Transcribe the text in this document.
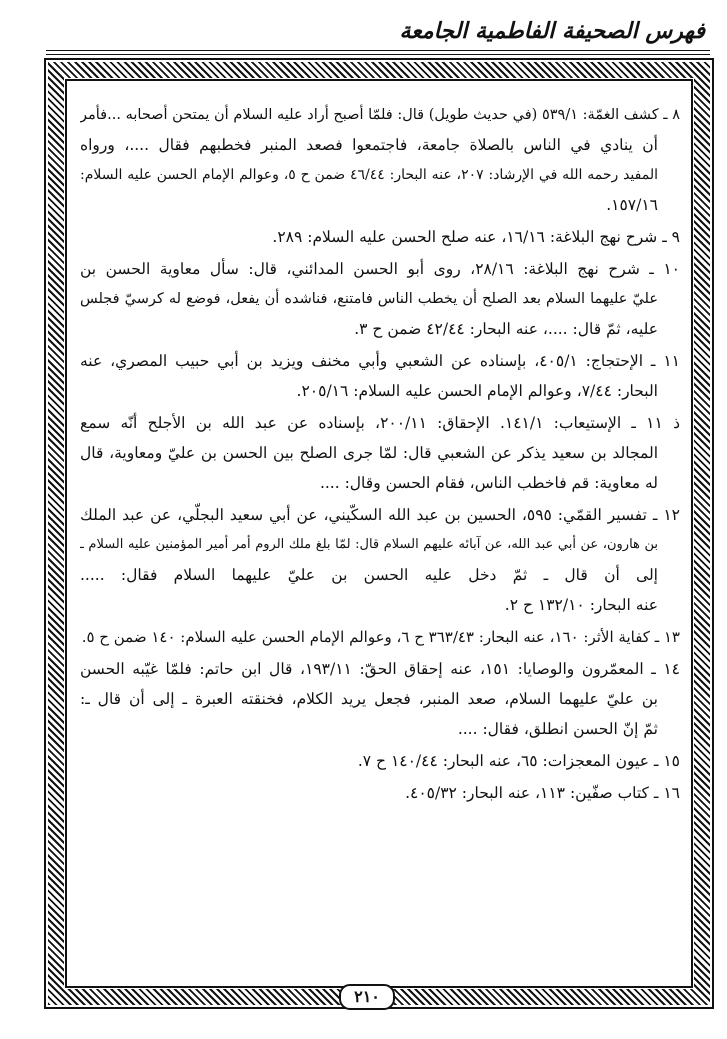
فهرس الصحيفة الفاطمية الجامعة
٨ ـ كشف الغمّة: ٥٣٩/١ (في حديث طويل) قال: فلمّا أصبح أراد عليه السلام أن يمتحن أصحابه ...فأمر
أن ينادي في الناس بالصلاة جامعة، فاجتمعوا فصعد المنبر فخطبهم فقال ....، ورواه
المفيد رحمه الله في الإرشاد: ٢٠٧، عنه البحار: ٤٦/٤٤ ضمن ح ٥، وعوالم الإمام الحسن عليه السلام:
١٥٧/١٦.
٩ ـ شرح نهج البلاغة: ١٦/١٦، عنه صلح الحسن عليه السلام: ٢٨٩.
١٠ ـ شرح نهج البلاغة: ٢٨/١٦، روى أبو الحسن المدائني، قال: سأل معاوية الحسن بن
عليّ عليهما السلام بعد الصلح أن يخطب الناس فامتنع، فناشده أن يفعل، فوضع له كرسيّ فجلس
عليه، ثمّ قال: ....، عنه البحار: ٤٢/٤٤ ضمن ح ٣.
١١ ـ الإحتجاج: ٤٠٥/١، بإسناده عن الشعبي وأبي مخنف ويزيد بن أبي حبيب المصري، عنه
البحار: ٧/٤٤، وعوالم الإمام الحسن عليه السلام: ٢٠٥/١٦.
ذ ١١ ـ الإستيعاب: ١٤١/١. الإحقاق: ٢٠٠/١١، بإسناده عن عبد الله بن الأجلح أنّه سمع
المجالد بن سعيد يذكر عن الشعبي قال: لمّا جرى الصلح بين الحسن بن عليّ ومعاوية، قال
له معاوية: قم فاخطب الناس، فقام الحسن وقال: ....
١٢ ـ تفسير القمّي: ٥٩٥، الحسين بن عبد الله السكّيني، عن أبي سعيد البجلّي، عن عبد الملك
بن هارون، عن أبي عبد الله، عن آبائه عليهم السلام قال: لمّا بلغ ملك الروم أمر أمير المؤمنين عليه السلام ـ
إلى أن قال ـ ثمّ دخل عليه الحسن بن عليّ عليهما السلام فقال: .....
عنه البحار: ١٣٢/١٠ ح ٢.
١٣ ـ كفاية الأثر: ١٦٠، عنه البحار: ٣٦٣/٤٣ ح ٦، وعوالم الإمام الحسن عليه السلام: ١٤٠ ضمن ح ٥.
١٤ ـ المعمّرون والوصايا: ١٥١، عنه إحقاق الحقّ: ١٩٣/١١، قال ابن حاتم: فلمّا غيّبه الحسن
بن عليّ عليهما السلام، صعد المنبر، فجعل يريد الكلام، فخنقته العبرة ـ إلى أن قال ـ:
ثمّ إنّ الحسن انطلق، فقال: ....
١٥ ـ عيون المعجزات: ٦٥، عنه البحار: ١٤٠/٤٤ ح ٧.
١٦ ـ كتاب صفّين: ١١٣، عنه البحار: ٤٠٥/٣٢.
٢١٠
